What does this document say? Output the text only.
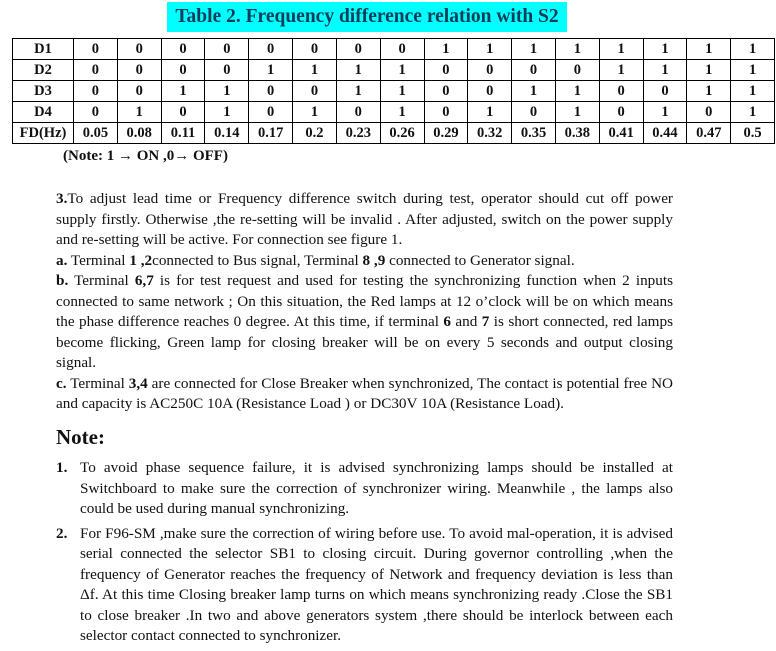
Table 2. Frequency difference relation with S2
D1	0	0	0	0	0	0	0	0	1	1	1	1	1	1	1	1
D2	0	0	0	0	1	1	1	1	0	0	0	0	1	1	1	1
D3	0	0	1	1	0	0	1	1	0	0	1	1	0	0	1	1
D4	0	1	0	1	0	1	0	1	0	1	0	1	0	1	0	1
FD(Hz)	0.05	0.08	0.11	0.14	0.17	0.2	0.23	0.26	0.29	0.32	0.35	0.38	0.41	0.44	0.47	0.5
(Note: 1 → ON ,0→ OFF)

3.To adjust lead time or Frequency difference switch during test, operator should cut off power supply firstly. Otherwise ,the re-setting will be invalid . After adjusted, switch on the power supply and re-setting will be active. For connection see figure 1.

a. Terminal 1 ,2connected to Bus signal, Terminal 8 ,9 connected to Generator signal.

b. Terminal 6,7 is for test request and used for testing the synchronizing function when 2 inputs connected to same network ; On this situation, the Red lamps at 12 o’clock will be on which means the phase difference reaches 0 degree. At this time, if terminal 6 and 7 is short connected, red lamps become flicking, Green lamp for closing breaker will be on every 5 seconds and output closing signal.

c. Terminal 3,4 are connected for Close Breaker when synchronized, The contact is potential free NO and capacity is AC250C 10A (Resistance Load ) or DC30V 10A (Resistance Load).

Note:
1. To avoid phase sequence failure, it is advised synchronizing lamps should be installed at Switchboard to make sure the correction of synchronizer wiring. Meanwhile , the lamps also could be used during manual synchronizing.
2. For F96-SM ,make sure the correction of wiring before use. To avoid mal-operation, it is advised serial connected the selector SB1 to closing circuit. During governor controlling ,when the frequency of Generator reaches the frequency of Network and frequency deviation is less than Δf. At this time Closing breaker lamp turns on which means synchronizing ready .Close the SB1 to close breaker .In two and above generators system ,there should be interlock between each selector contact connected to synchronizer.
